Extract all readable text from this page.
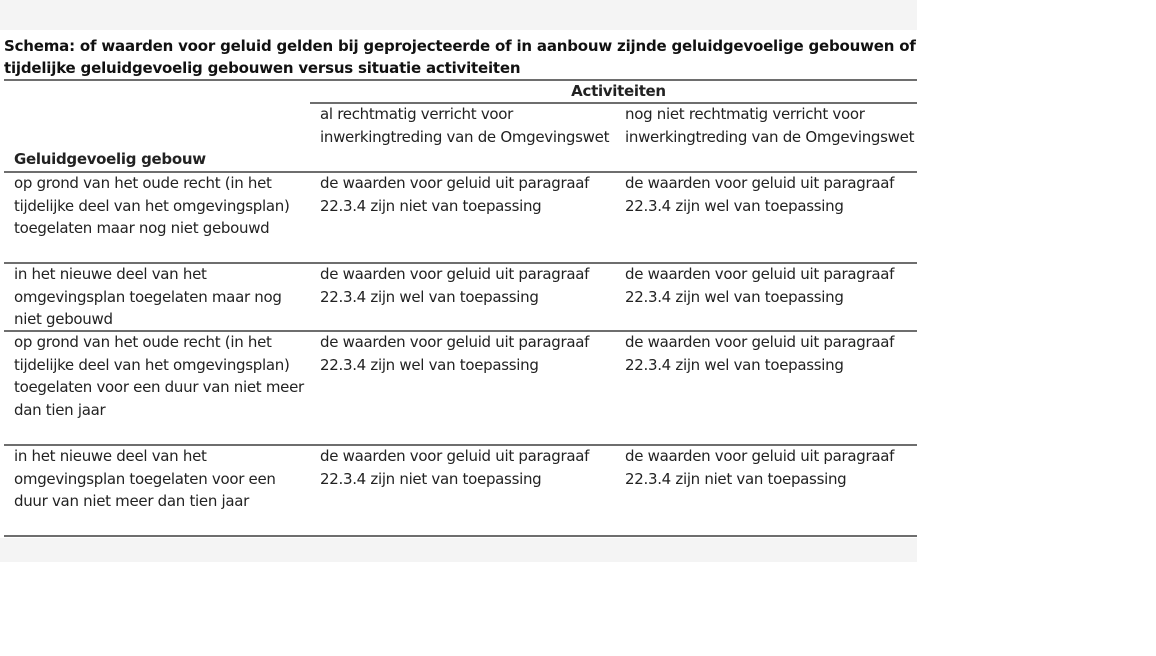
Schema: of waarden voor geluid gelden bij geprojecteerde of in aanbouw zijnde geluidgevoelige gebouwen of tijdelijke geluidgevoelig gebouwen versus situatie activiteiten
Activiteiten
Geluidgevoelig gebouw
al rechtmatig verricht voor inwerkingtreding van de Omgevingswet
nog niet rechtmatig verricht voor inwerkingtreding van de Omgevingswet
op grond van het oude recht (in het tijdelijke deel van het omgevingsplan) toegelaten maar nog niet gebouwd
de waarden voor geluid uit paragraaf 22.3.4 zijn niet van toepassing
de waarden voor geluid uit paragraaf 22.3.4 zijn wel van toepassing
in het nieuwe deel van het omgevingsplan toegelaten maar nog niet gebouwd
de waarden voor geluid uit paragraaf 22.3.4 zijn wel van toepassing
de waarden voor geluid uit paragraaf 22.3.4 zijn wel van toepassing
op grond van het oude recht (in het tijdelijke deel van het omgevingsplan) toegelaten voor een duur van niet meer dan tien jaar
de waarden voor geluid uit paragraaf 22.3.4 zijn wel van toepassing
de waarden voor geluid uit paragraaf 22.3.4 zijn wel van toepassing
in het nieuwe deel van het omgevingsplan toegelaten voor een duur van niet meer dan tien jaar
de waarden voor geluid uit paragraaf 22.3.4 zijn niet van toepassing
de waarden voor geluid uit paragraaf 22.3.4 zijn niet van toepassing
